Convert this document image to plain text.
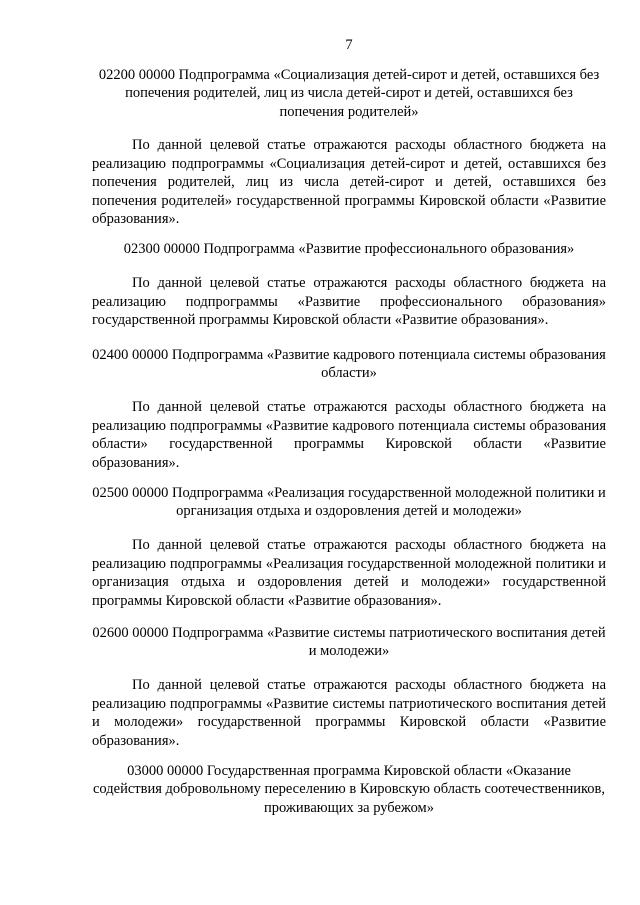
7

02200 00000 Подпрограмма «Социализация детей-сирот и детей, оставшихся без попечения родителей, лиц из числа детей-сирот и детей, оставшихся без попечения родителей»

По данной целевой статье отражаются расходы областного бюджета на реализацию подпрограммы «Социализация детей-сирот и детей, оставшихся без попечения родителей, лиц из числа детей-сирот и детей, оставшихся без попечения родителей» государственной программы Кировской области «Развитие образования».

02300 00000 Подпрограмма «Развитие профессионального образования»

По данной целевой статье отражаются расходы областного бюджета на реализацию подпрограммы «Развитие профессионального образования» государственной программы Кировской области «Развитие образования».

02400 00000 Подпрограмма «Развитие кадрового потенциала системы образования области»

По данной целевой статье отражаются расходы областного бюджета на реализацию подпрограммы «Развитие кадрового потенциала системы образования области» государственной программы Кировской области «Развитие образования».

02500 00000 Подпрограмма «Реализация государственной молодежной политики и организация отдыха и оздоровления детей и молодежи»

По данной целевой статье отражаются расходы областного бюджета на реализацию подпрограммы «Реализация государственной молодежной политики и организация отдыха и оздоровления детей и молодежи» государственной программы Кировской области «Развитие образования».

02600 00000 Подпрограмма «Развитие системы патриотического воспитания детей и молодежи»

По данной целевой статье отражаются расходы областного бюджета на реализацию подпрограммы «Развитие системы патриотического воспитания детей и молодежи» государственной программы Кировской области «Развитие образования».

03000 00000 Государственная программа Кировской области «Оказание содействия добровольному переселению в Кировскую область соотечественников, проживающих за рубежом»
